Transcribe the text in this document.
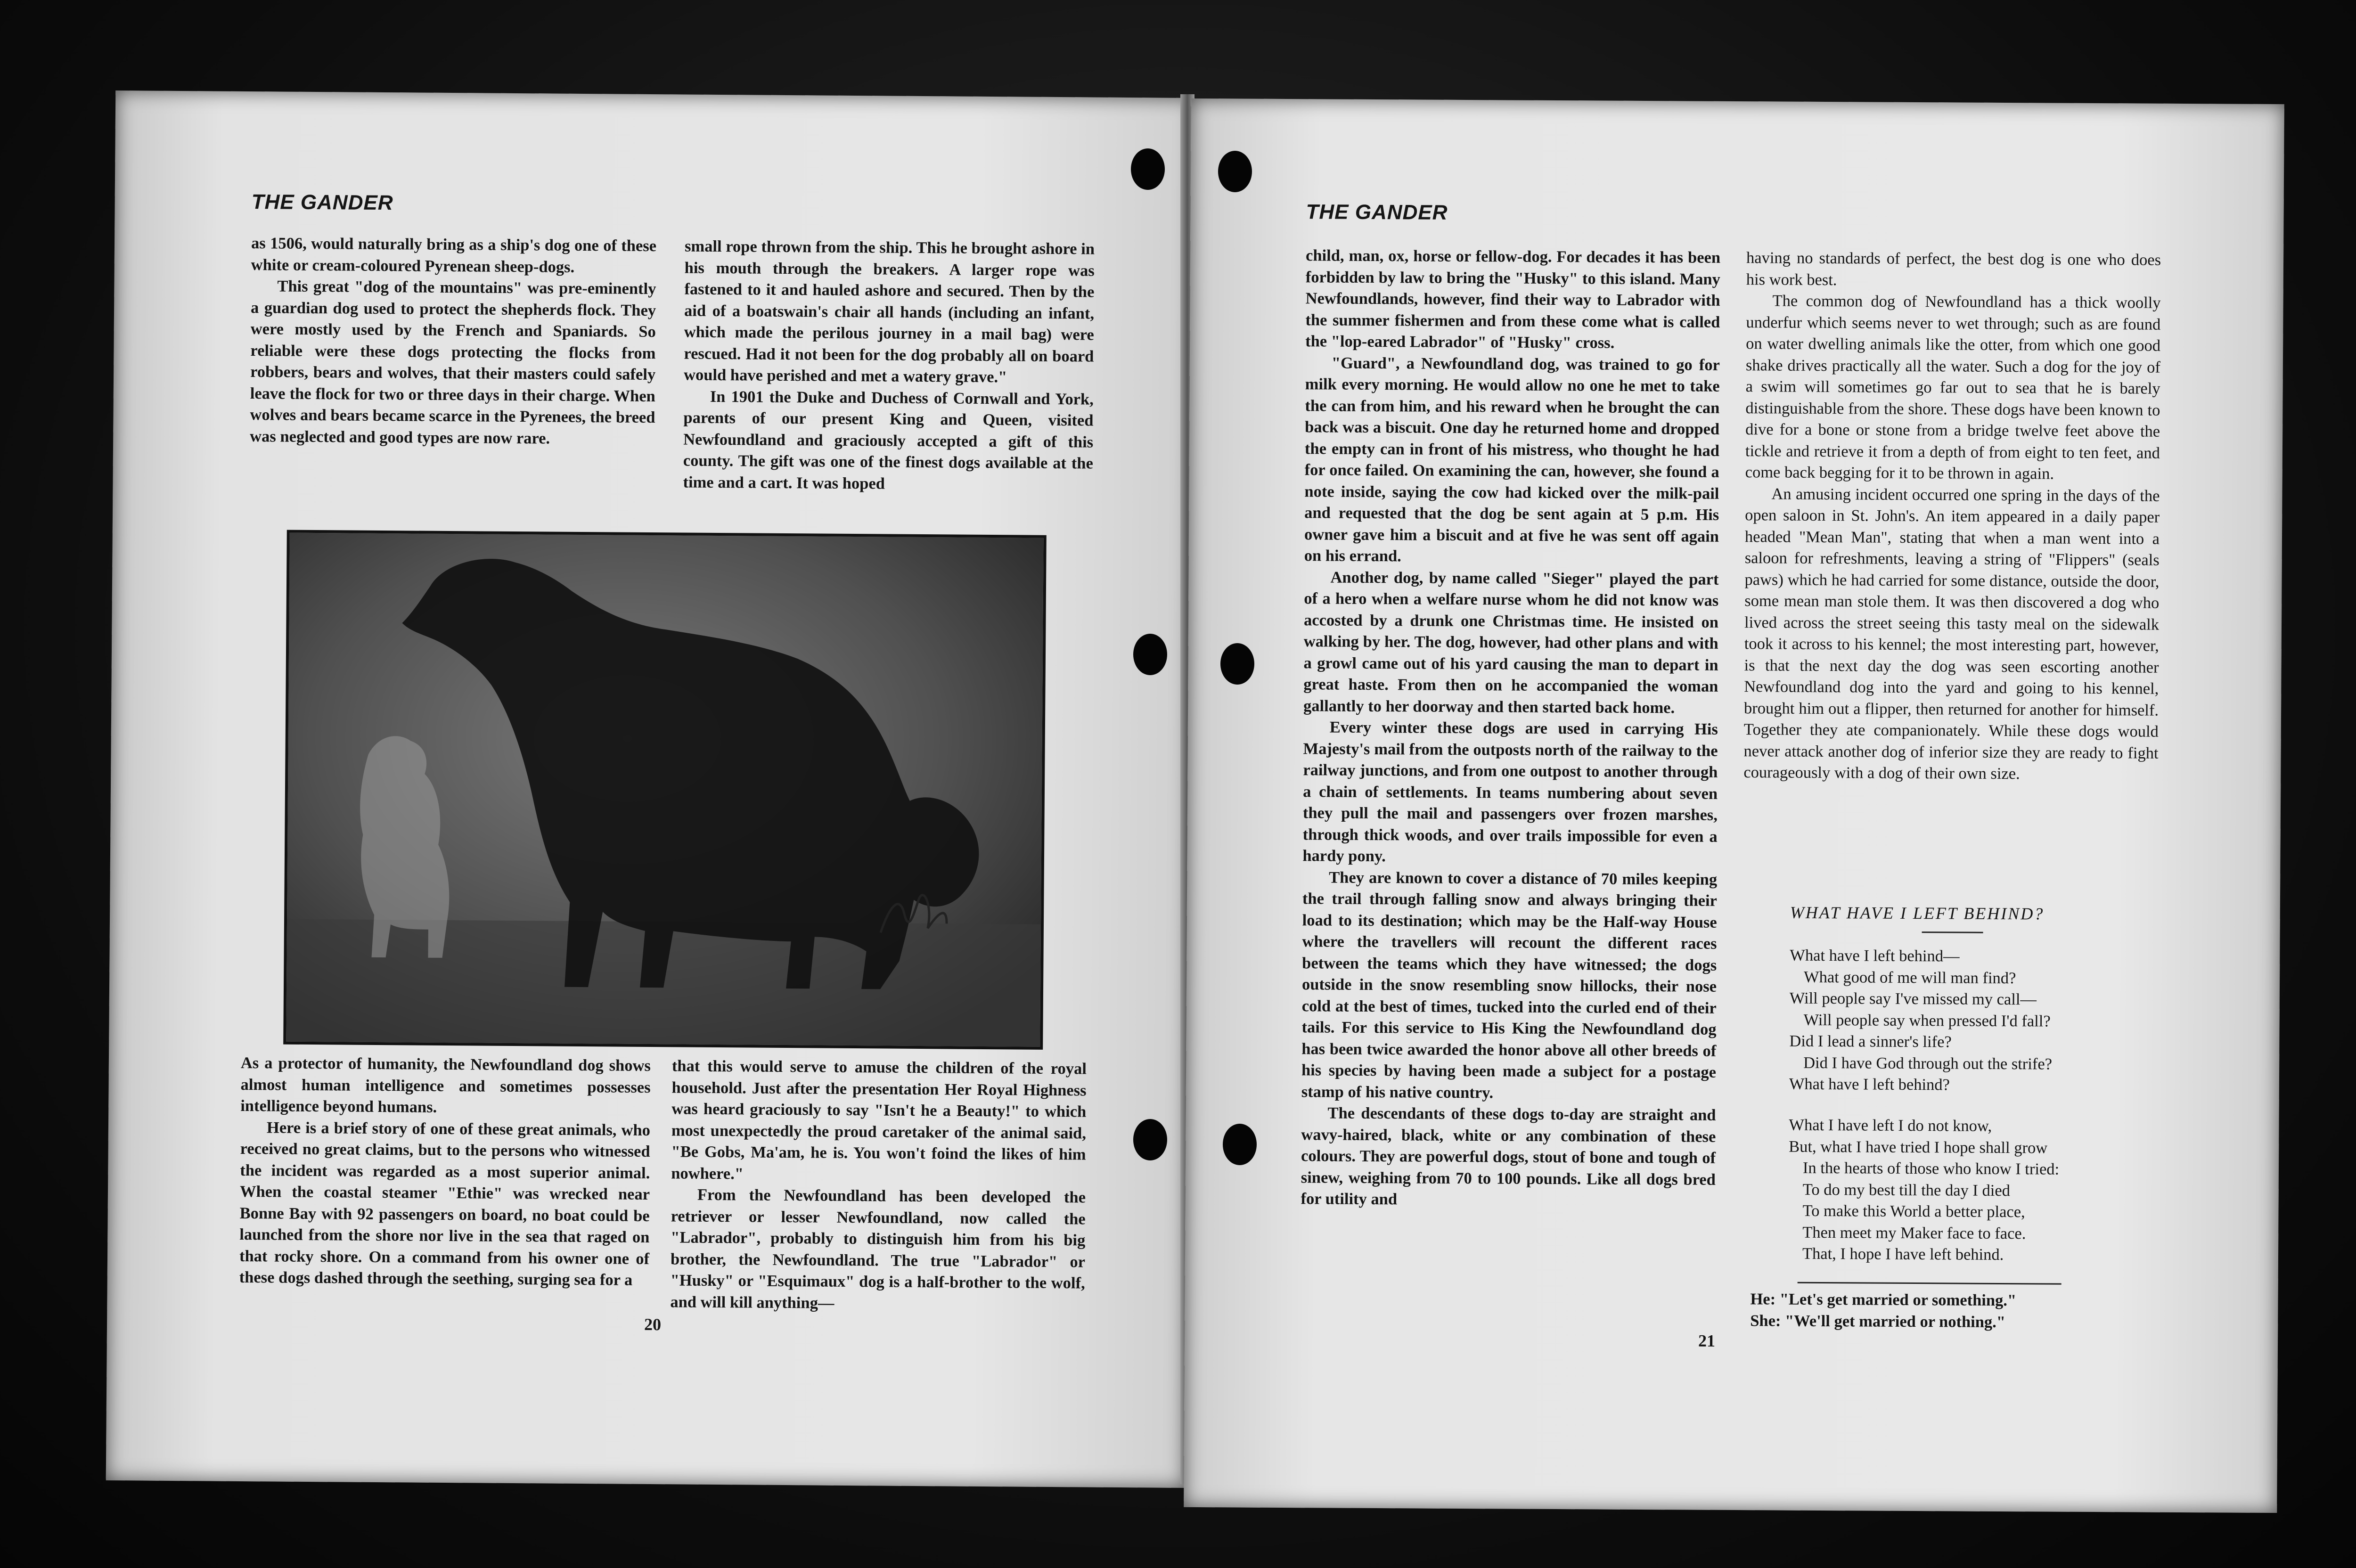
THE GANDER

as 1506, would naturally bring as a ship's dog one of these white or cream-coloured Pyrenean sheep-dogs.

This great "dog of the mountains" was pre-eminently a guardian dog used to protect the shepherds flock. They were mostly used by the French and Spaniards. So reliable were these dogs protecting the flocks from robbers, bears and wolves, that their masters could safely leave the flock for two or three days in their charge. When wolves and bears became scarce in the Pyrenees, the breed was neglected and good types are now rare.

small rope thrown from the ship. This he brought ashore in his mouth through the breakers. A larger rope was fastened to it and hauled ashore and secured. Then by the aid of a boatswain's chair all hands (including an infant, which made the perilous journey in a mail bag) were rescued. Had it not been for the dog probably all on board would have perished and met a watery grave."

In 1901 the Duke and Duchess of Cornwall and York, parents of our present King and Queen, visited Newfoundland and graciously accepted a gift of this county. The gift was one of the finest dogs available at the time and a cart. It was hoped

As a protector of humanity, the Newfoundland dog shows almost human intelligence and sometimes possesses intelligence beyond humans.

Here is a brief story of one of these great animals, who received no great claims, but to the persons who witnessed the incident was regarded as a most superior animal. When the coastal steamer "Ethie" was wrecked near Bonne Bay with 92 passengers on board, no boat could be launched from the shore nor live in the sea that raged on that rocky shore. On a command from his owner one of these dogs dashed through the seething, surging sea for a

that this would serve to amuse the children of the royal household. Just after the presentation Her Royal Highness was heard graciously to say "Isn't he a Beauty!" to which most unexpectedly the proud caretaker of the animal said, "Be Gobs, Ma'am, he is. You won't foind the likes of him nowhere."

From the Newfoundland has been developed the retriever or lesser Newfoundland, now called the "Labrador", probably to distinguish him from his big brother, the Newfoundland. The true "Labrador" or "Husky" or "Esquimaux" dog is a half-brother to the wolf, and will kill anything—

20
THE GANDER

child, man, ox, horse or fellow-dog. For decades it has been forbidden by law to bring the "Husky" to this island. Many Newfoundlands, however, find their way to Labrador with the summer fishermen and from these come what is called the "lop-eared Labrador" of "Husky" cross.

"Guard", a Newfoundland dog, was trained to go for milk every morning. He would allow no one he met to take the can from him, and his reward when he brought the can back was a biscuit. One day he returned home and dropped the empty can in front of his mistress, who thought he had for once failed. On examining the can, however, she found a note inside, saying the cow had kicked over the milk-pail and requested that the dog be sent again at 5 p.m. His owner gave him a biscuit and at five he was sent off again on his errand.

Another dog, by name called "Sieger" played the part of a hero when a welfare nurse whom he did not know was accosted by a drunk one Christmas time. He insisted on walking by her. The dog, however, had other plans and with a growl came out of his yard causing the man to depart in great haste. From then on he accompanied the woman gallantly to her doorway and then started back home.

Every winter these dogs are used in carrying His Majesty's mail from the outposts north of the railway to the railway junctions, and from one outpost to another through a chain of settlements. In teams numbering about seven they pull the mail and passengers over frozen marshes, through thick woods, and over trails impossible for even a hardy pony.

They are known to cover a distance of 70 miles keeping the trail through falling snow and always bringing their load to its destination; which may be the Half-way House where the travellers will recount the different races between the teams which they have witnessed; the dogs outside in the snow resembling snow hillocks, their nose cold at the best of times, tucked into the curled end of their tails. For this service to His King the Newfoundland dog has been twice awarded the honor above all other breeds of his species by having been made a subject for a postage stamp of his native country.

The descendants of these dogs to-day are straight and wavy-haired, black, white or any combination of these colours. They are powerful dogs, stout of bone and tough of sinew, weighing from 70 to 100 pounds. Like all dogs bred for utility and

having no standards of perfect, the best dog is one who does his work best.

The common dog of Newfoundland has a thick woolly underfur which seems never to wet through; such as are found on water dwelling animals like the otter, from which one good shake drives practically all the water. Such a dog for the joy of a swim will sometimes go far out to sea that he is barely distinguishable from the shore. These dogs have been known to dive for a bone or stone from a bridge twelve feet above the tickle and retrieve it from a depth of from eight to ten feet, and come back begging for it to be thrown in again.

An amusing incident occurred one spring in the days of the open saloon in St. John's. An item appeared in a daily paper headed "Mean Man", stating that when a man went into a saloon for refreshments, leaving a string of "Flippers" (seals paws) which he had carried for some distance, outside the door, some mean man stole them. It was then discovered a dog who lived across the street seeing this tasty meal on the sidewalk took it across to his kennel; the most interesting part, however, is that the next day the dog was seen escorting another Newfoundland dog into the yard and going to his kennel, brought him out a flipper, then returned for another for himself. Together they ate companionately. While these dogs would never attack another dog of inferior size they are ready to fight courageously with a dog of their own size.

WHAT HAVE I LEFT BEHIND?
What have I left behind—
What good of me will man find?
Will people say I've missed my call—
Will people say when pressed I'd fall?
Did I lead a sinner's life?
Did I have God through out the strife?
What have I left behind?
What I have left I do not know,
But, what I have tried I hope shall grow
In the hearts of those who know I tried:
To do my best till the day I died
To make this World a better place,
Then meet my Maker face to face.
That, I hope I have left behind.
He: "Let's get married or something."
She: "We'll get married or nothing."
21
